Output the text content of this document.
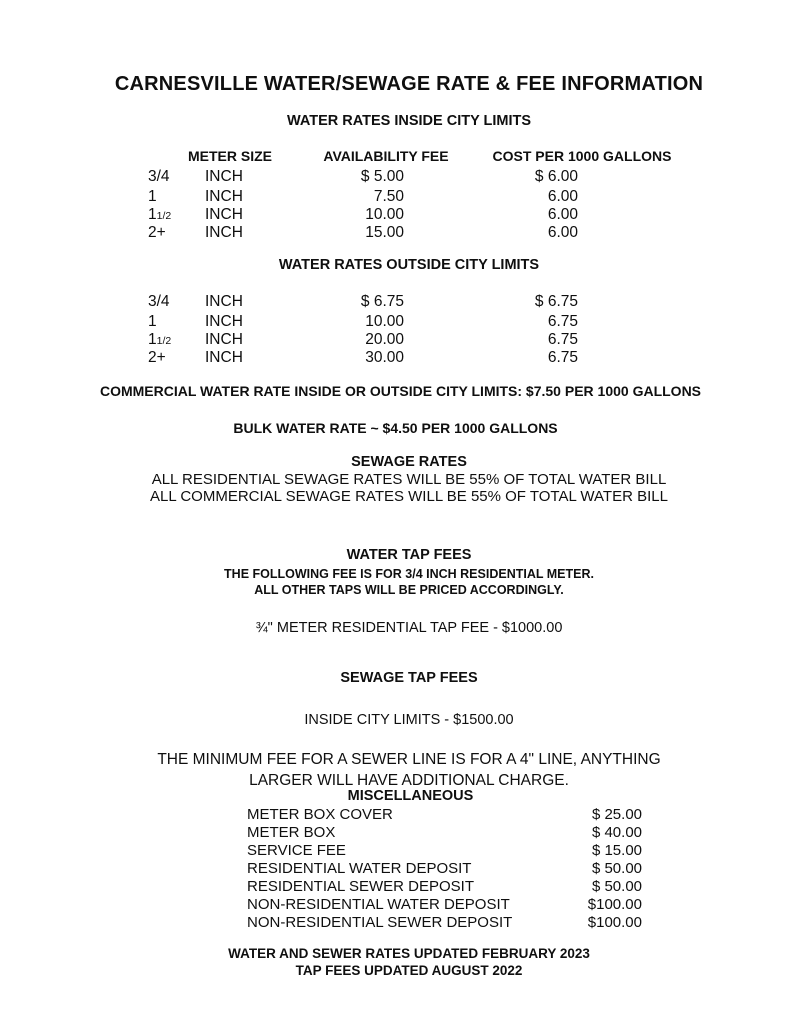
CARNESVILLE WATER/SEWAGE RATE & FEE INFORMATION
WATER RATES INSIDE CITY LIMITS
METER SIZE	AVAILABILITY FEE	COST PER 1000 GALLONS
3/4 INCH	$ 5.00	$ 6.00
1	INCH	7.50	6.00
11/2 INCH	10.00	6.00
2+	INCH	15.00	6.00
WATER RATES OUTSIDE CITY LIMITS
3/4 INCH	$ 6.75	$ 6.75
1	INCH	10.00	6.75
11/2 INCH	20.00	6.75
2+	INCH	30.00	6.75
COMMERCIAL WATER RATE INSIDE OR OUTSIDE CITY LIMITS: $7.50 PER 1000 GALLONS
BULK WATER RATE ~ $4.50 PER 1000 GALLONS
SEWAGE RATES
ALL RESIDENTIAL SEWAGE RATES WILL BE 55% OF TOTAL WATER BILL
ALL COMMERCIAL SEWAGE RATES WILL BE 55% OF TOTAL WATER BILL
WATER TAP FEES
THE FOLLOWING FEE IS FOR 3/4 INCH RESIDENTIAL METER.
ALL OTHER TAPS WILL BE PRICED ACCORDINGLY.
¾" METER RESIDENTIAL TAP FEE - $1000.00
SEWAGE TAP FEES
INSIDE CITY LIMITS - $1500.00
THE MINIMUM FEE FOR A SEWER LINE IS FOR A 4" LINE, ANYTHING
LARGER WILL HAVE ADDITIONAL CHARGE.
MISCELLANEOUS
METER BOX COVER	$ 25.00
METER BOX	$ 40.00
SERVICE FEE	$ 15.00
RESIDENTIAL WATER DEPOSIT	$ 50.00
RESIDENTIAL SEWER DEPOSIT	$ 50.00
NON-RESIDENTIAL WATER DEPOSIT	$100.00
NON-RESIDENTIAL SEWER DEPOSIT	$100.00
WATER AND SEWER RATES UPDATED FEBRUARY 2023
TAP FEES UPDATED AUGUST 2022
